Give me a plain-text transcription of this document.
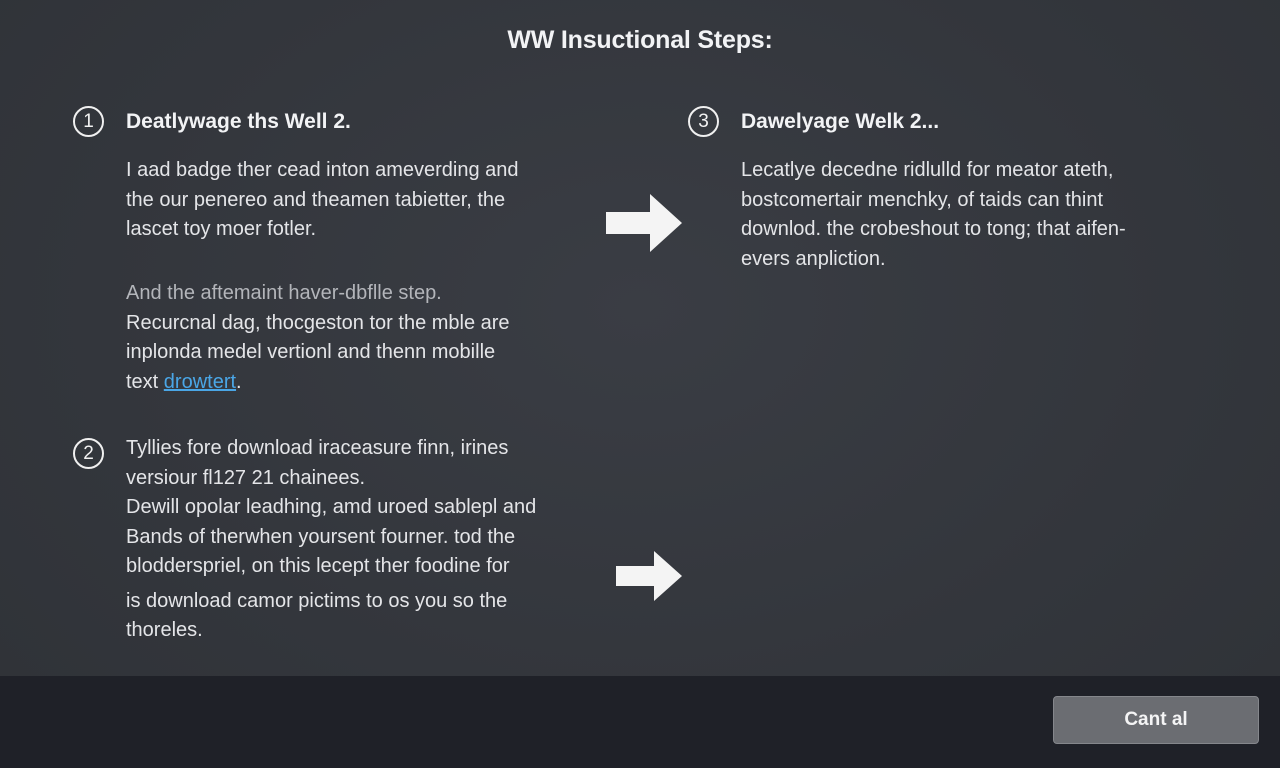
WW Insuctional Steps:
1	Deatlywage ths Well 2.
I aad badge ther cead inton ameverding and
the our penereo and theamen tabietter, the
lascet toy moer fotler.
And the aftemaint haver-dbflle step.
Recurcnal dag, thocgeston tor the mble are
inplonda medel vertionl and thenn mobille
text drowtert.
2	Tyllies fore download iraceasure finn, irines
versiour fl127 21 chainees.
Dewill opolar leadhing, amd uroed sablepl and
Bands of therwhen yoursent fourner. tod the
blodderspriel, on this lecept ther foodine for
is download camor pictims to os you so the
thoreles.
3	Dawelyage Welk 2...
Lecatlye decedne ridlulld for meator ateth,
bostcomertair menchky, of taids can thint
downlod. the crobeshout to tong; that aifen-
evers anpliction.
Cant al
